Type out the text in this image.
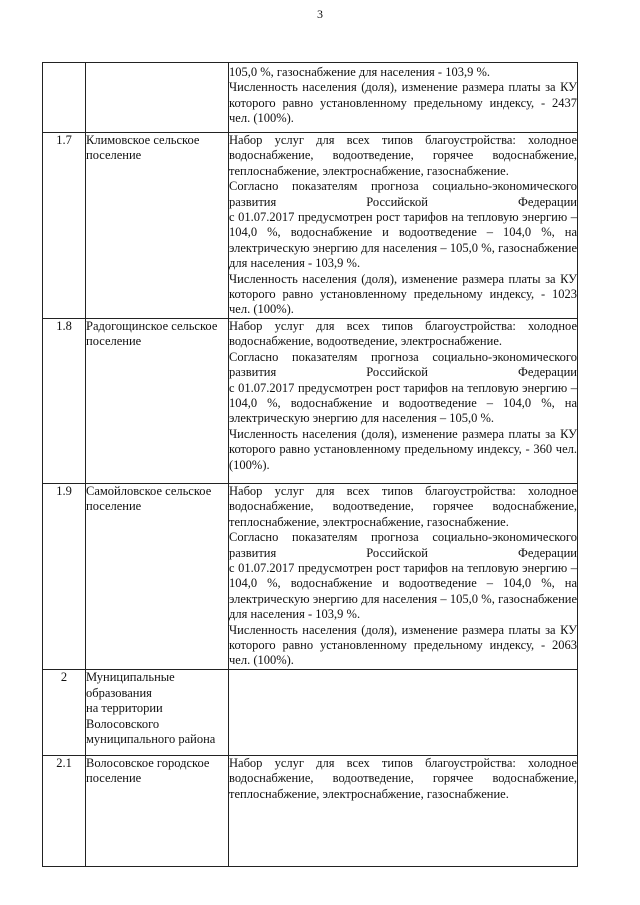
3

		105,0 %, газоснабжение для населения - 103,9 %.

Численность населения (доля), изменение размера платы за КУ которого равно установленному предельному индексу, - 2437 чел. (100%).

1.7	Климовское сельское поселение	Набор услуг для всех типов благоустройства: холодное водоснабжение, водоотведение, горячее водоснабжение, теплоснабжение, электроснабжение, газоснабжение.

Согласно показателям прогноза социально-экономического развития Российской Федерации

с 01.07.2017 предусмотрен рост тарифов на тепловую энергию – 104,0 %, водоснабжение и водоотведение – 104,0 %, на электрическую энергию для населения – 105,0 %, газоснабжение для населения - 103,9 %.

Численность населения (доля), изменение размера платы за КУ которого равно установленному предельному индексу, - 1023 чел. (100%).

1.8	Радогощинское сельское поселение	Набор услуг для всех типов благоустройства: холодное водоснабжение, водоотведение, электроснабжение.

Согласно показателям прогноза социально-экономического развития Российской Федерации

с 01.07.2017 предусмотрен рост тарифов на тепловую энергию – 104,0 %, водоснабжение и водоотведение – 104,0 %, на электрическую энергию для населения – 105,0 %.

Численность населения (доля), изменение размера платы за КУ которого равно установленному предельному индексу, - 360 чел. (100%).

1.9	Самойловское сельское поселение	Набор услуг для всех типов благоустройства: холодное водоснабжение, водоотведение, горячее водоснабжение, теплоснабжение, электроснабжение, газоснабжение.

Согласно показателям прогноза социально-экономического развития Российской Федерации

с 01.07.2017 предусмотрен рост тарифов на тепловую энергию – 104,0 %, водоснабжение и водоотведение – 104,0 %, на электрическую энергию для населения – 105,0 %, газоснабжение для населения - 103,9 %.

Численность населения (доля), изменение размера платы за КУ которого равно установленному предельному индексу, - 2063 чел. (100%).

2	Муниципальные
образования
на территории
Волосовского
муниципального района	

2.1	Волосовское городское поселение	Набор услуг для всех типов благоустройства: холодное водоснабжение, водоотведение, горячее водоснабжение, теплоснабжение, электроснабжение, газоснабжение.
